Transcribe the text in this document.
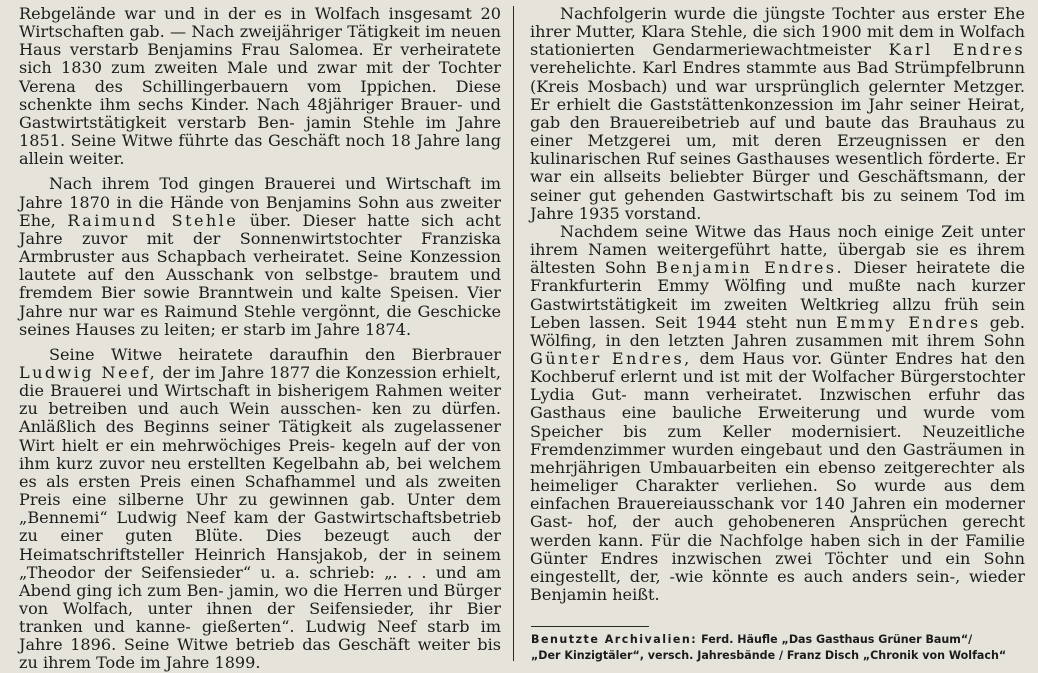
Rebgelände war und in der es in Wolfach insgesamt 20 Wirtschaften gab. — Nach zweijähriger Tätigkeit im neuen Haus verstarb Benjamins Frau Salomea. Er verheiratete sich 1830 zum zweiten Male und zwar mit der Tochter Verena des Schillingerbauern vom Ippichen. Diese schenkte ihm sechs Kinder. Nach 48jähriger Brauer- und Gastwirtstätigkeit verstarb Ben- jamin Stehle im Jahre 1851. Seine Witwe führte das Geschäft noch 18 Jahre lang allein weiter.

Nach ihrem Tod gingen Brauerei und Wirtschaft im Jahre 1870 in die Hände von Benjamins Sohn aus zweiter Ehe, Raimund Stehle über. Dieser hatte sich acht Jahre zuvor mit der Sonnenwirtstochter Franziska Armbruster aus Schapbach verheiratet. Seine Konzession lautete auf den Ausschank von selbstge- brautem und fremdem Bier sowie Branntwein und kalte Speisen. Vier Jahre nur war es Raimund Stehle vergönnt, die Geschicke seines Hauses zu leiten; er starb im Jahre 1874.

Seine Witwe heiratete daraufhin den Bierbrauer Ludwig Neef, der im Jahre 1877 die Konzession erhielt, die Brauerei und Wirtschaft in bisherigem Rahmen weiter zu betreiben und auch Wein ausschen- ken zu dürfen. Anläßlich des Beginns seiner Tätigkeit als zugelassener Wirt hielt er ein mehrwöchiges Preis- kegeln auf der von ihm kurz zuvor neu erstellten Kegelbahn ab, bei welchem es als ersten Preis einen Schafhammel und als zweiten Preis eine silberne Uhr zu gewinnen gab. Unter dem „Bennemi“ Ludwig Neef kam der Gastwirtschaftsbetrieb zu einer guten Blüte. Dies bezeugt auch der Heimatschriftsteller Heinrich Hansjakob, der in seinem „Theodor der Seifensieder“ u. a. schrieb: „. . . und am Abend ging ich zum Ben- jamin, wo die Herren und Bürger von Wolfach, unter ihnen der Seifensieder, ihr Bier tranken und kanne- gießerten“. Ludwig Neef starb im Jahre 1896. Seine Witwe betrieb das Geschäft weiter bis zu ihrem Tode im Jahre 1899.

Nachfolgerin wurde die jüngste Tochter aus erster Ehe ihrer Mutter, Klara Stehle, die sich 1900 mit dem in Wolfach stationierten Gendarmeriewachtmeister Karl Endres verehelichte. Karl Endres stammte aus Bad Strümpfelbrunn (Kreis Mosbach) und war ursprünglich gelernter Metzger. Er erhielt die Gaststättenkonzession im Jahr seiner Heirat, gab den Brauereibetrieb auf und baute das Brauhaus zu einer Metzgerei um, mit deren Erzeugnissen er den kulinarischen Ruf seines Gasthauses wesentlich förderte. Er war ein allseits beliebter Bürger und Geschäftsmann, der seiner gut gehenden Gastwirtschaft bis zu seinem Tod im Jahre 1935 vorstand.

Nachdem seine Witwe das Haus noch einige Zeit unter ihrem Namen weitergeführt hatte, übergab sie es ihrem ältesten Sohn Benjamin Endres. Dieser heiratete die Frankfurterin Emmy Wölfing und mußte nach kurzer Gastwirtstätigkeit im zweiten Weltkrieg allzu früh sein Leben lassen. Seit 1944 steht nun Emmy Endres geb. Wölfing, in den letzten Jahren zusammen mit ihrem Sohn Günter Endres, dem Haus vor. Günter Endres hat den Kochberuf erlernt und ist mit der Wolfacher Bürgerstochter Lydia Gut- mann verheiratet. Inzwischen erfuhr das Gasthaus eine bauliche Erweiterung und wurde vom Speicher bis zum Keller modernisiert. Neuzeitliche Fremdenzimmer wurden eingebaut und den Gasträumen in mehrjährigen Umbauarbeiten ein ebenso zeitgerechter als heimeliger Charakter verliehen. So wurde aus dem einfachen Brauereiausschank vor 140 Jahren ein moderner Gast- hof, der auch gehobeneren Ansprüchen gerecht werden kann. Für die Nachfolge haben sich in der Familie Günter Endres inzwischen zwei Töchter und ein Sohn eingestellt, der, -wie könnte es auch anders sein-, wieder Benjamin heißt.

Benutzte Archivalien: Ferd. Häufle „Das Gasthaus Grüner Baum“/
„Der Kinzigtäler“, versch. Jahresbände / Franz Disch „Chronik von Wolfach“
